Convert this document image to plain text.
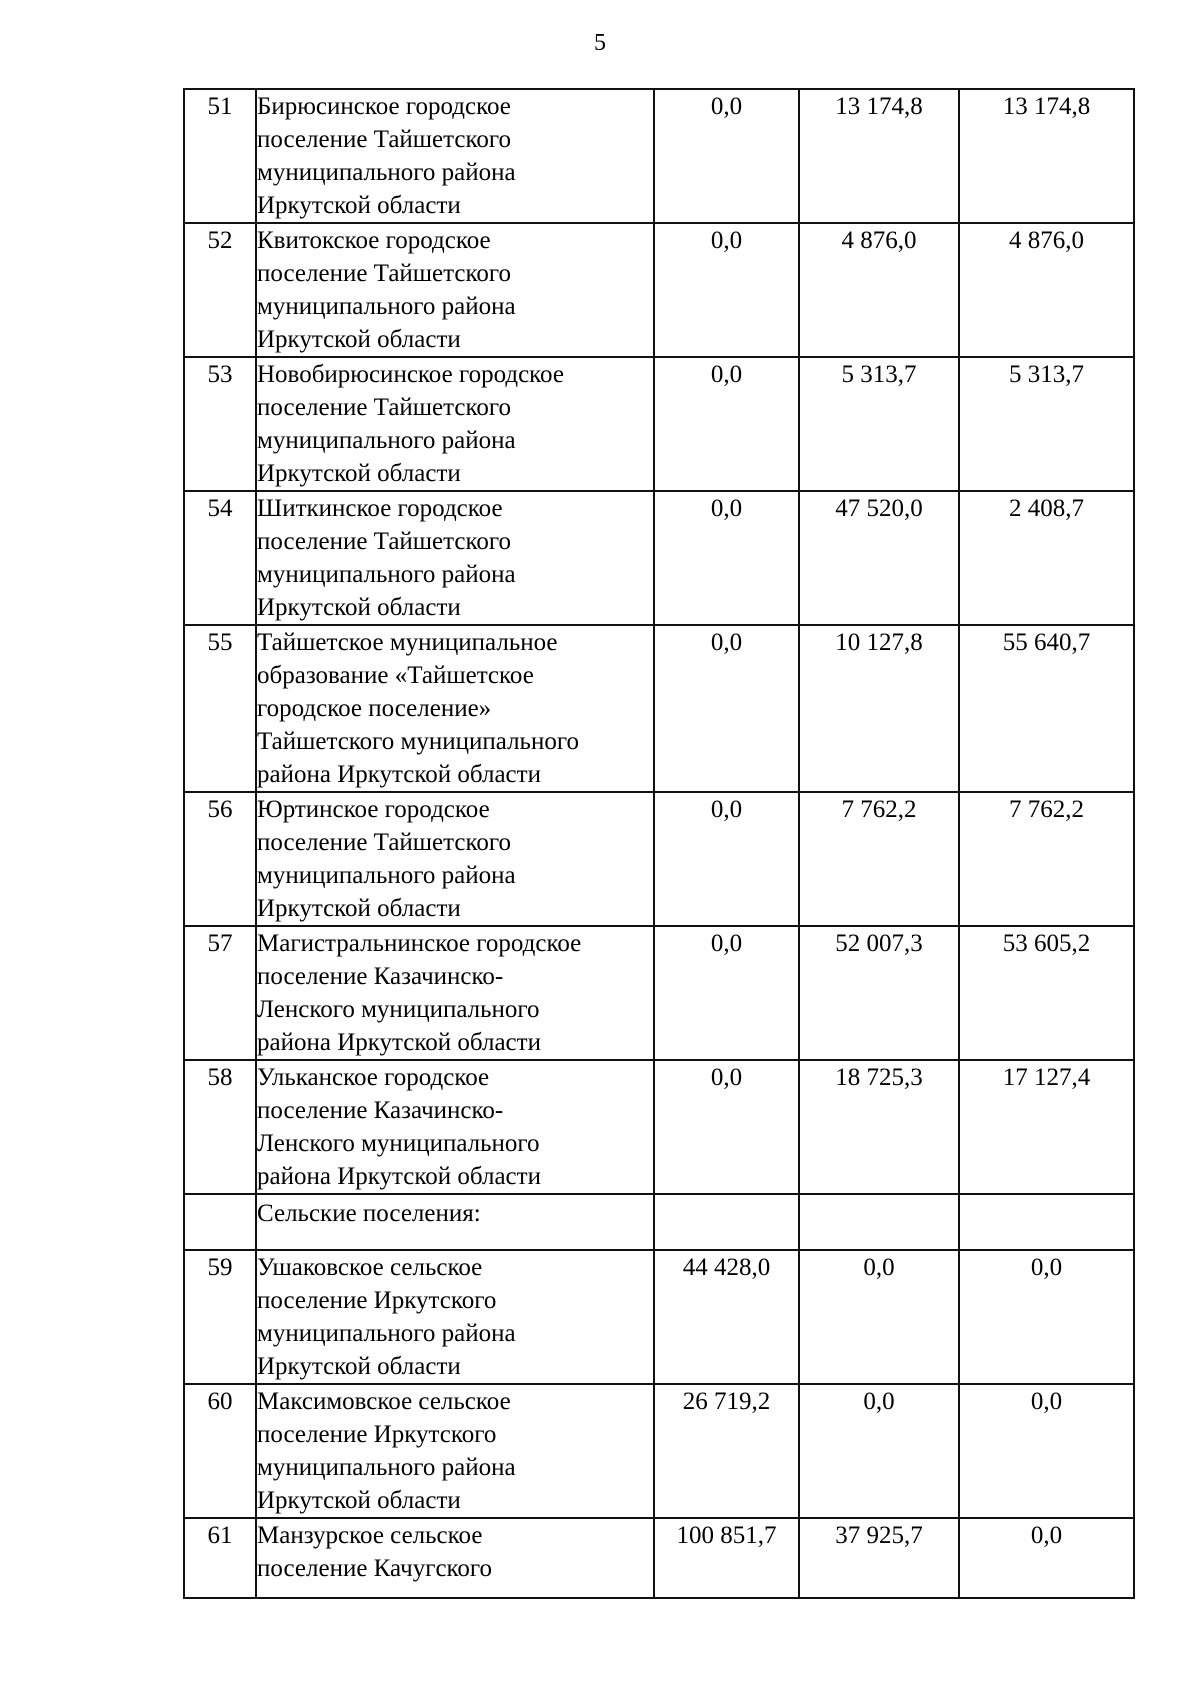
5
51	Бирюсинское городское
поселение Тайшетского
муниципального района
Иркутской области	0,0	13 174,8	13 174,8
52	Квитокское городское
поселение Тайшетского
муниципального района
Иркутской области	0,0	4 876,0	4 876,0
53	Новобирюсинское городское
поселение Тайшетского
муниципального района
Иркутской области	0,0	5 313,7	5 313,7
54	Шиткинское городское
поселение Тайшетского
муниципального района
Иркутской области	0,0	47 520,0	2 408,7
55	Тайшетское муниципальное
образование «Тайшетское
городское поселение»
Тайшетского муниципального
района Иркутской области	0,0	10 127,8	55 640,7
56	Юртинское городское
поселение Тайшетского
муниципального района
Иркутской области	0,0	7 762,2	7 762,2
57	Магистральнинское городское
поселение Казачинско-
Ленского муниципального
района Иркутской области	0,0	52 007,3	53 605,2
58	Ульканское городское
поселение Казачинско-
Ленского муниципального
района Иркутской области	0,0	18 725,3	17 127,4
	Сельские поселения:			
59	Ушаковское сельское
поселение Иркутского
муниципального района
Иркутской области	44 428,0	0,0	0,0
60	Максимовское сельское
поселение Иркутского
муниципального района
Иркутской области	26 719,2	0,0	0,0
61	Манзурское сельское
поселение Качугского	100 851,7	37 925,7	0,0
